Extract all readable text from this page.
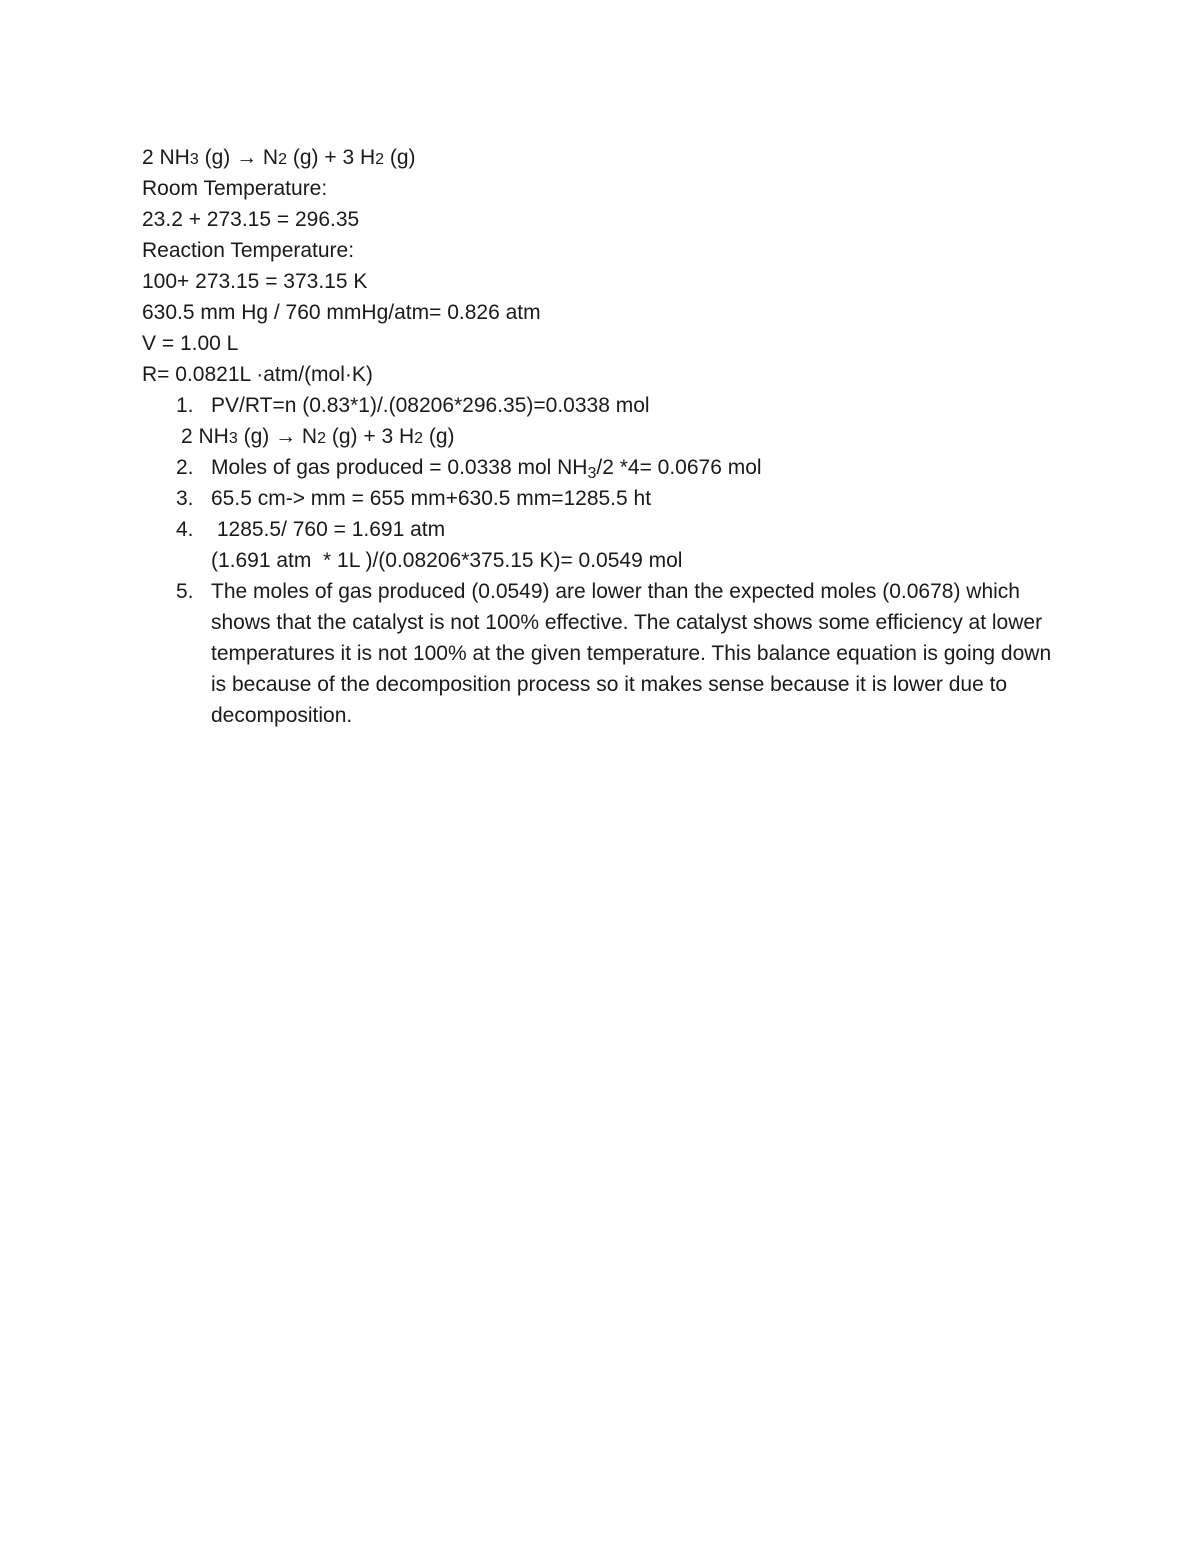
2 NH3 (g) → N2 (g) + 3 H2 (g)
Room Temperature:
23.2 + 273.15 = 296.35
Reaction Temperature:
100+ 273.15 = 373.15 K
630.5 mm Hg / 760 mmHg/atm= 0.826 atm
V = 1.00 L
R= 0.0821L ·atm/(mol·K)
1. PV/RT=n (0.83*1)/.(08206*296.35)=0.0338 mol
2 NH3 (g) → N2 (g) + 3 H2 (g)
2. Moles of gas produced = 0.0338 mol NH3/2 *4= 0.0676 mol
3. 65.5 cm-> mm = 655 mm+630.5 mm=1285.5 ht
4. 1285.5/ 760 = 1.691 atm
(1.691 atm  * 1L )/(0.08206*375.15 K)= 0.0549 mol
5. The moles of gas produced (0.0549) are lower than the expected moles (0.0678) which shows that the catalyst is not 100% effective. The catalyst shows some efficiency at lower temperatures it is not 100% at the given temperature. This balance equation is going down is because of the decomposition process so it makes sense because it is lower due to decomposition.
